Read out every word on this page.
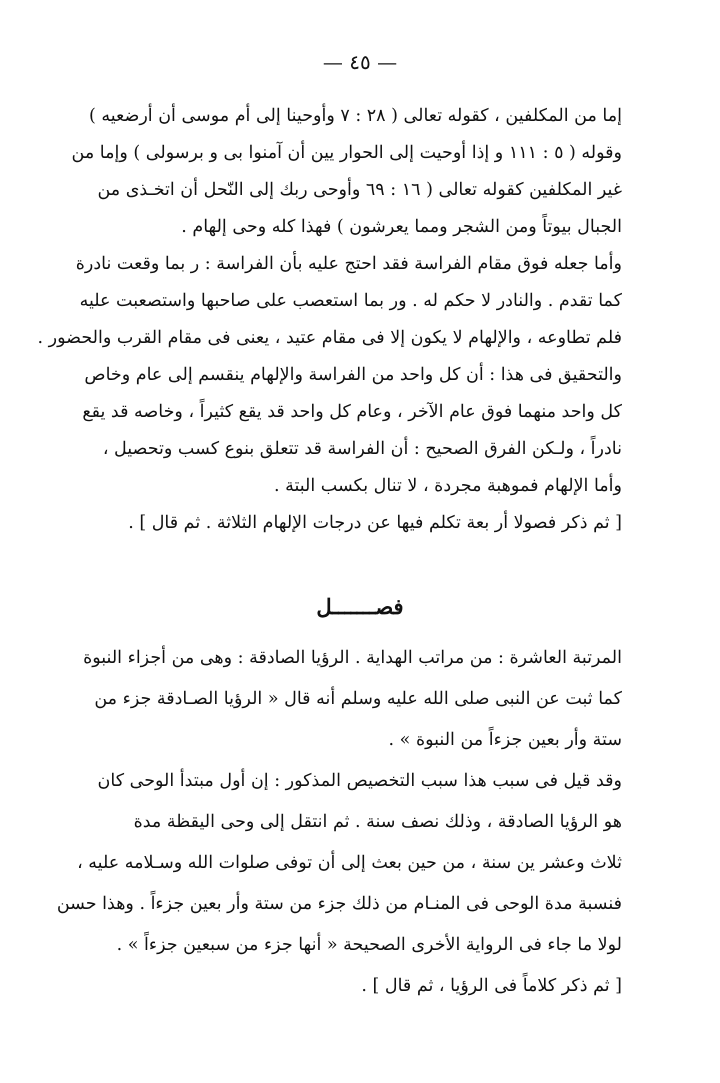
— ٤٥ —
إما من المكلفين ، كقوله تعالى ( ٢٨ : ٧ وأوحينا إلى أم موسى أن أرضعيه )
وقوله ( ٥ : ١١١ و إذا أوحيت إلى الحوار يين أن آمنوا بى و برسولى ) وإما من
غير المكلفين كقوله تعالى ( ١٦ : ٦٩ وأوحى ربك إلى النّحل أن اتخـذى من
الجبال بيوتاً ومن الشجر ومما يعرشون ) فهذا كله وحى إلهام .
وأما جعله فوق مقام الفراسة فقد احتج عليه بأن الفراسة : ر بما وقعت نادرة
كما تقدم . والنادر لا حكم له . ور بما استعصب على صاحبها واستصعبت عليه
فلم تطاوعه ، والإلهام لا يكون إلا فى مقام عتيد ، يعنى فى مقام القرب والحضور .
والتحقيق فى هذا : أن كل واحد من الفراسة والإلهام ينقسم إلى عام وخاص
كل واحد منهما فوق عام الآخر ، وعام كل واحد قد يقع كثيراً ، وخاصه قد يقع
نادراً ، ولـكن الفرق الصحيح : أن الفراسة قد تتعلق بنوع كسب وتحصيل ،
وأما الإلهام فموهبة مجردة ، لا تنال بكسب البتة .
[ ثم ذكر فصولا أر بعة تكلم فيها عن درجات الإلهام الثلاثة . ثم قال ] .
فصـــــــل
المرتبة العاشرة : من مراتب الهداية . الرؤيا الصادقة : وهى من أجزاء النبوة
كما ثبت عن النبى صلى الله عليه وسلم أنه قال « الرؤيا الصـادقة جزء من
ستة وأر بعين جزءاً من النبوة » .
وقد قيل فى سبب هذا سبب التخصيص المذكور : إن أول مبتدأ الوحى كان
هو الرؤيا الصادقة ، وذلك نصف سنة . ثم انتقل إلى وحى اليقظة مدة
ثلاث وعشر ين سنة ، من حين بعث إلى أن توفى صلوات الله وسـلامه عليه ،
فنسبة مدة الوحى فى المنـام من ذلك جزء من ستة وأر بعين جزءاً . وهذا حسن
لولا ما جاء فى الرواية الأخرى الصحيحة « أنها جزء من سبعين جزءاً » .
[ ثم ذكر كلاماً فى الرؤيا ، ثم قال ] .
